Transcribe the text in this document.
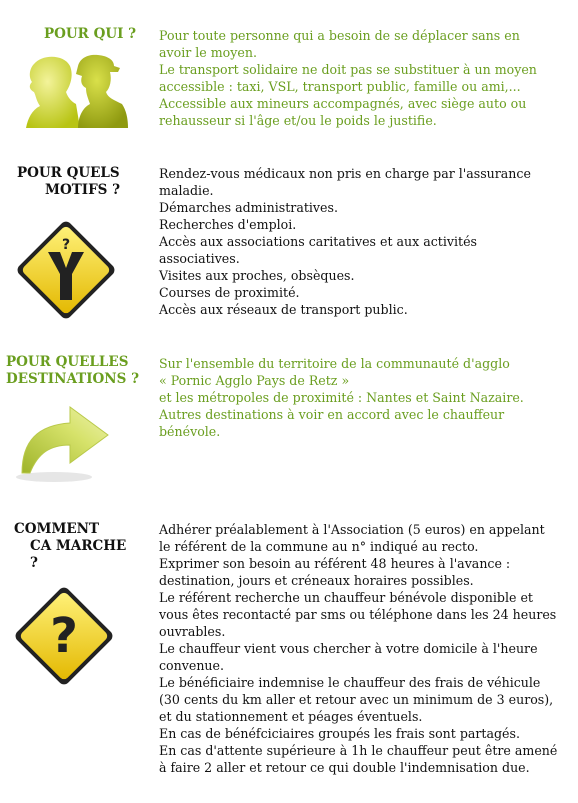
POUR QUI ? Pour toute personne qui a besoin de se déplacer sans en
avoir le moyen.
Le transport solidaire ne doit pas se substituer à un moyen
accessible : taxi, VSL, transport public, famille ou ami,...
Accessible aux mineurs accompagnés, avec siège auto ou
rehausseur si l'âge et/ou le poids le justifie.
POUR QUELS
MOTIFS ?
?
Rendez-vous médicaux non pris en charge par l'assurance
maladie.
Démarches administratives.
Recherches d'emploi.
Accès aux associations caritatives et aux activités
associatives.
Visites aux proches, obsèques.
Courses de proximité.
Accès aux réseaux de transport public.
POUR QUELLES
DESTINATIONS ?
Sur l'ensemble du territoire de la communauté d'agglo
« Pornic Agglo Pays de Retz »
et les métropoles de proximité : Nantes et Saint Nazaire.
Autres destinations à voir en accord avec le chauffeur
bénévole.
COMMENT
CA MARCHE ?
?
Adhérer préalablement à l'Association (5 euros) en appelant
le référent de la commune au n° indiqué au recto.
Exprimer son besoin au référent 48 heures à l'avance :
destination, jours et créneaux horaires possibles.
Le référent recherche un chauffeur bénévole disponible et
vous êtes recontacté par sms ou téléphone dans les 24 heures
ouvrables.
Le chauffeur vient vous chercher à votre domicile à l'heure
convenue.
Le bénéficiaire indemnise le chauffeur des frais de véhicule
(30 cents du km aller et retour avec un minimum de 3 euros),
et du stationnement et péages éventuels.
En cas de bénéfciciaires groupés les frais sont partagés.
En cas d'attente supérieure à 1h le chauffeur peut être amené
à faire 2 aller et retour ce qui double l'indemnisation due.
